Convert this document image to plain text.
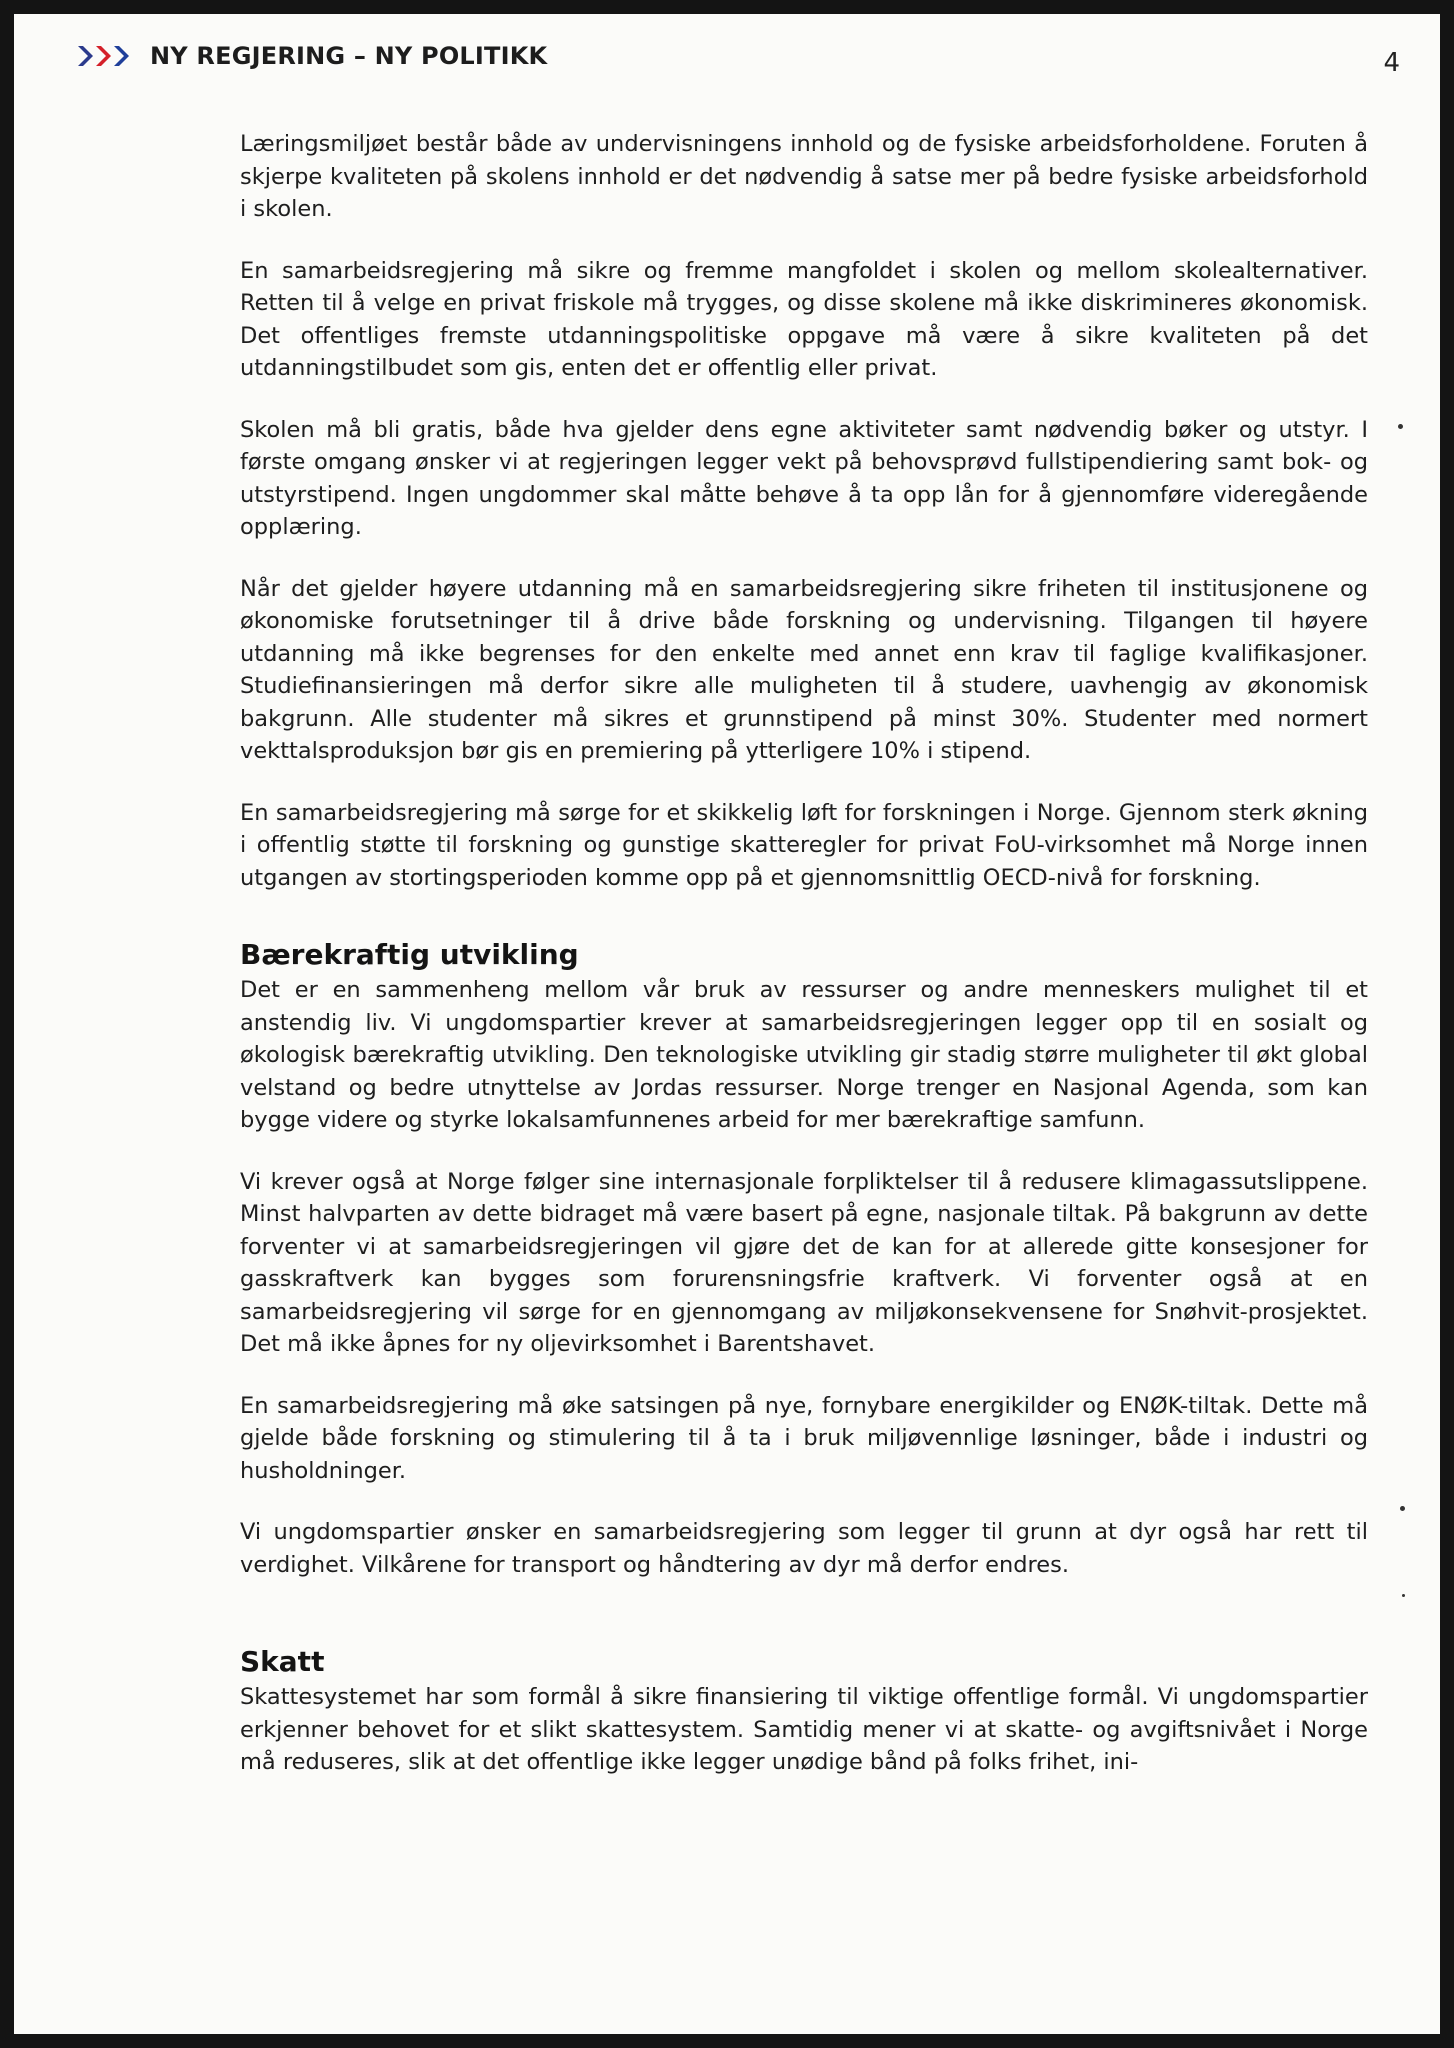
NY REGJERING – NY POLITIKK	4

Læringsmiljøet består både av undervisningens innhold og de fysiske arbeidsforholdene. Foruten å skjerpe kvaliteten på skolens innhold er det nødvendig å satse mer på bedre fysiske arbeidsforhold i skolen.

En samarbeidsregjering må sikre og fremme mangfoldet i skolen og mellom skolealternativer. Retten til å velge en privat friskole må trygges, og disse skolene må ikke diskrimineres økonomisk. Det offentliges fremste utdanningspolitiske oppgave må være å sikre kvaliteten på det utdanningstilbudet som gis, enten det er offentlig eller privat.

Skolen må bli gratis, både hva gjelder dens egne aktiviteter samt nødvendig bøker og utstyr. I første omgang ønsker vi at regjeringen legger vekt på behovsprøvd fullstipendiering samt bok- og utstyrstipend. Ingen ungdommer skal måtte behøve å ta opp lån for å gjennomføre videregående opplæring.

Når det gjelder høyere utdanning må en samarbeidsregjering sikre friheten til institusjonene og økonomiske forutsetninger til å drive både forskning og undervisning. Tilgangen til høyere utdanning må ikke begrenses for den enkelte med annet enn krav til faglige kvalifikasjoner. Studiefinansieringen må derfor sikre alle muligheten til å studere, uavhengig av økonomisk bakgrunn. Alle studenter må sikres et grunnstipend på minst 30%. Studenter med normert vekttalsproduksjon bør gis en premiering på ytterligere 10% i stipend.

En samarbeidsregjering må sørge for et skikkelig løft for forskningen i Norge. Gjennom sterk økning i offentlig støtte til forskning og gunstige skatteregler for privat FoU-virksomhet må Norge innen utgangen av stortingsperioden komme opp på et gjennomsnittlig OECD-nivå for forskning.

Bærekraftig utvikling

Det er en sammenheng mellom vår bruk av ressurser og andre menneskers mulighet til et anstendig liv. Vi ungdomspartier krever at samarbeidsregjeringen legger opp til en sosialt og økologisk bærekraftig utvikling. Den teknologiske utvikling gir stadig større muligheter til økt global velstand og bedre utnyttelse av Jordas ressurser. Norge trenger en Nasjonal Agenda, som kan bygge videre og styrke lokalsamfunnenes arbeid for mer bærekraftige samfunn.

Vi krever også at Norge følger sine internasjonale forpliktelser til å redusere klimagassutslippene. Minst halvparten av dette bidraget må være basert på egne, nasjonale tiltak. På bakgrunn av dette forventer vi at samarbeidsregjeringen vil gjøre det de kan for at allerede gitte konsesjoner for gasskraftverk kan bygges som forurensningsfrie kraftverk. Vi forventer også at en samarbeidsregjering vil sørge for en gjennomgang av miljøkonsekvensene for Snøhvit-prosjektet. Det må ikke åpnes for ny oljevirksomhet i Barentshavet.

En samarbeidsregjering må øke satsingen på nye, fornybare energikilder og ENØK-tiltak. Dette må gjelde både forskning og stimulering til å ta i bruk miljøvennlige løsninger, både i industri og husholdninger.

Vi ungdomspartier ønsker en samarbeidsregjering som legger til grunn at dyr også har rett til verdighet. Vilkårene for transport og håndtering av dyr må derfor endres.

Skatt

Skattesystemet har som formål å sikre finansiering til viktige offentlige formål. Vi ungdomspartier erkjenner behovet for et slikt skattesystem. Samtidig mener vi at skatte- og avgiftsnivået i Norge må reduseres, slik at det offentlige ikke legger unødige bånd på folks frihet, ini-
